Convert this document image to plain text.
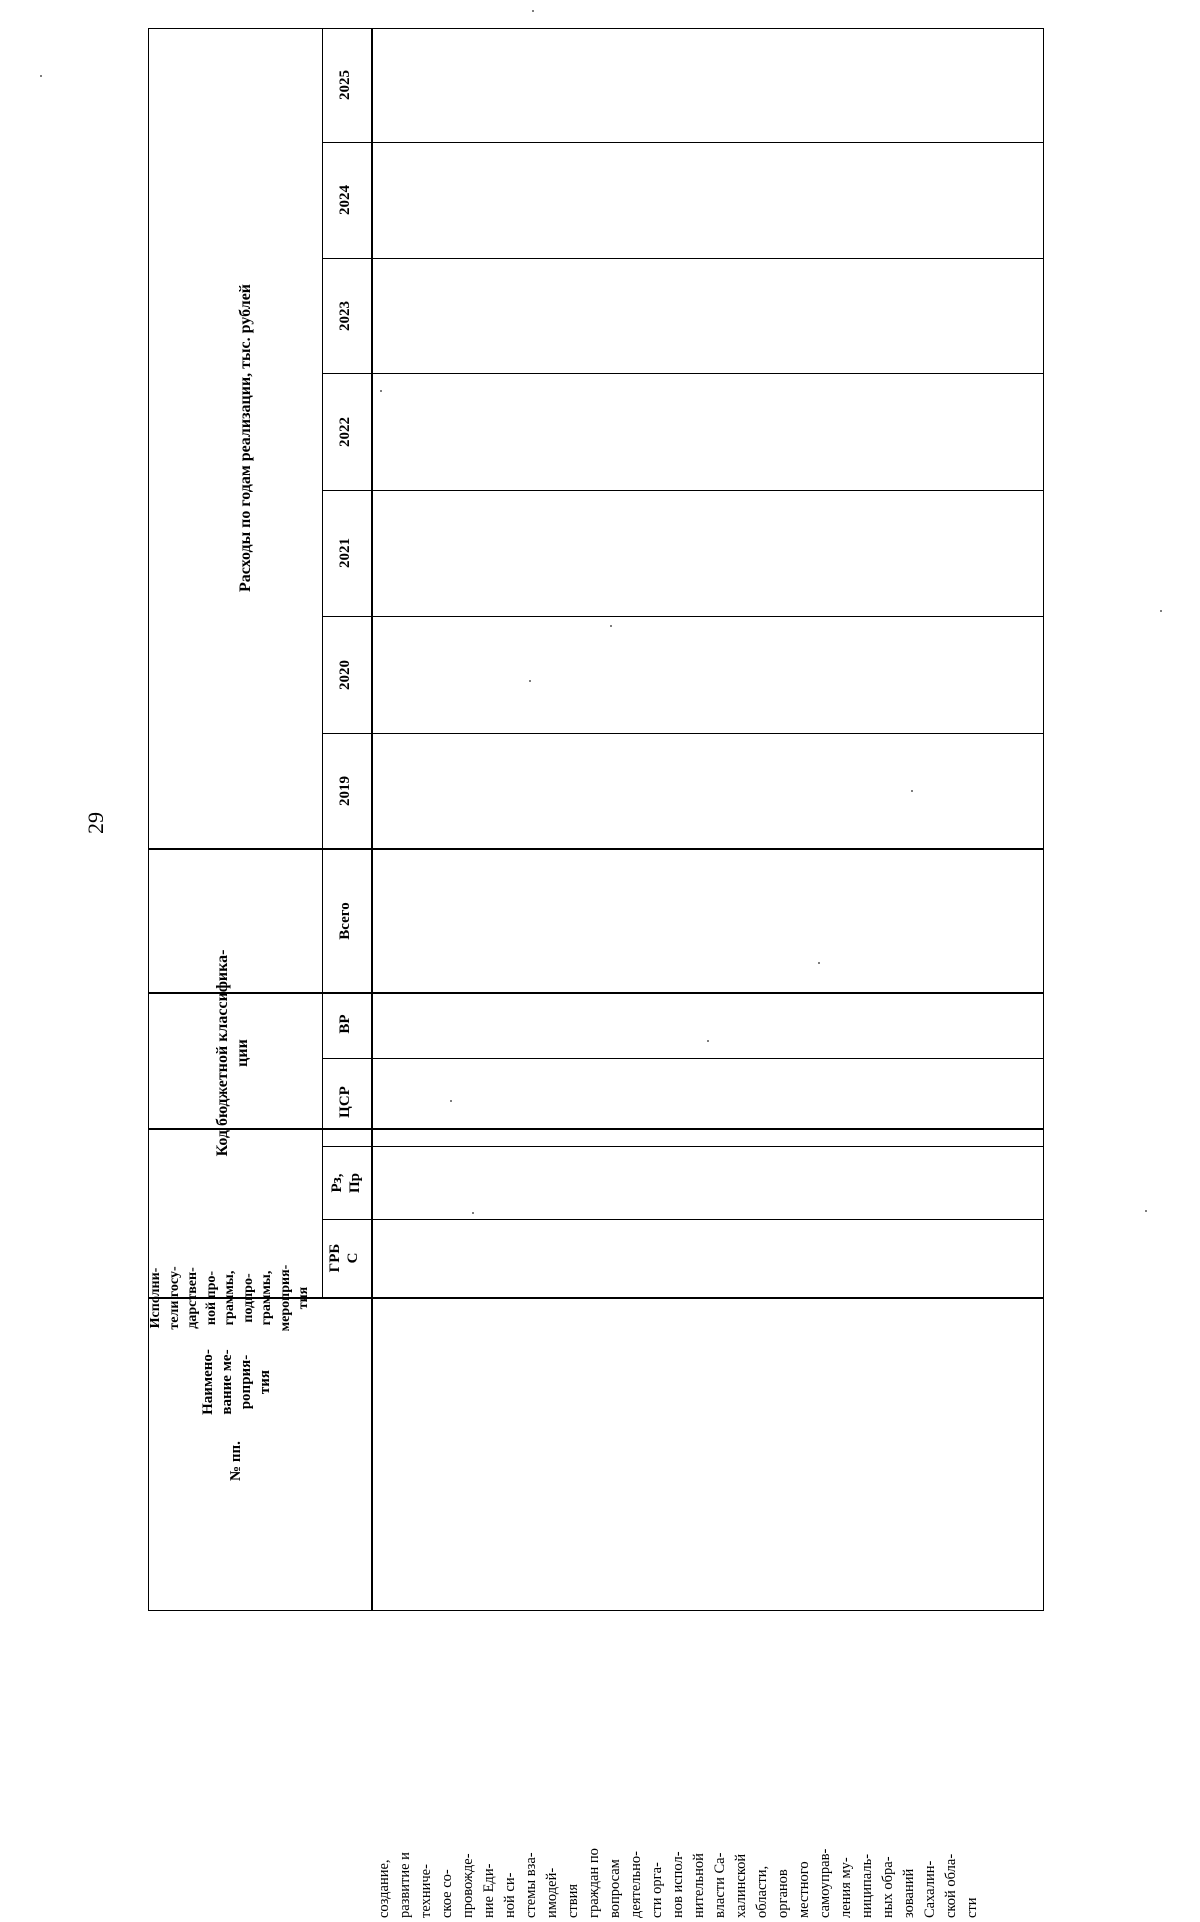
29
№ пп.
Наимено- вание ме- роприя- тия
Исполни- тели госу- дарствен- ной про- граммы, подпро- граммы, мероприя- тия
Код бюджетной классифика- ции
ГРБ С
Рз, Пр
ЦСР
ВР
Расходы по годам реализации, тыс. рублей
Всего
2019
2020
2021
2022
2023
2024
2025
создание, развитие и техниче- ское со- провожде- ние Еди- ной си- стемы вза- имодей- ствия граждан по вопросам деятельно- сти орга- нов испол- нительной власти Са- халинской области, органов местного самоуправ- ления му- ниципаль- ных обра- зований Сахалин- ской обла- сти
